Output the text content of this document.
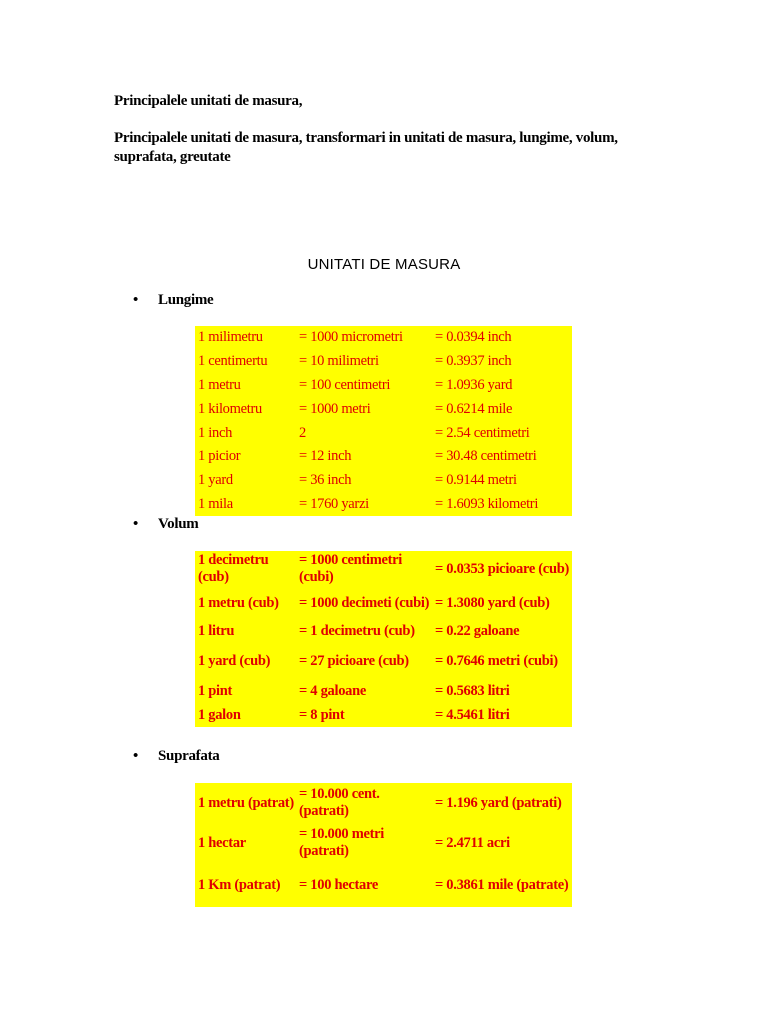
Principalele unitati de masura,
Principalele unitati de masura, transformari in unitati de masura, lungime, volum, suprafata, greutate
UNITATI DE MASURA
• Lungime
1 milimetru	= 1000 micrometri	= 0.0394 inch
1 centimertu	= 10 milimetri	= 0.3937 inch
1 metru	= 100 centimetri	= 1.0936 yard
1 kilometru	= 1000 metri	= 0.6214 mile
1 inch	2	= 2.54 centimetri
1 picior	= 12 inch	= 30.48 centimetri
1 yard	= 36 inch	= 0.9144 metri
1 mila	= 1760 yarzi	= 1.6093 kilometri
• Volum
1 decimetru (cub)	= 1000 centimetri (cubi)	= 0.0353 picioare (cub)
1 metru (cub)	= 1000 decimeti (cubi)	= 1.3080 yard (cub)
1 litru	= 1 decimetru (cub)	= 0.22 galoane
1 yard (cub)	= 27 picioare (cub)	= 0.7646 metri (cubi)
1 pint	= 4 galoane	= 0.5683 litri
1 galon	= 8 pint	= 4.5461 litri
• Suprafata
1 metru (patrat)	= 10.000 cent. (patrati)	= 1.196 yard (patrati)
1 hectar	= 10.000 metri (patrati)	= 2.4711 acri
1 Km (patrat)	= 100 hectare	= 0.3861 mile (patrate)
